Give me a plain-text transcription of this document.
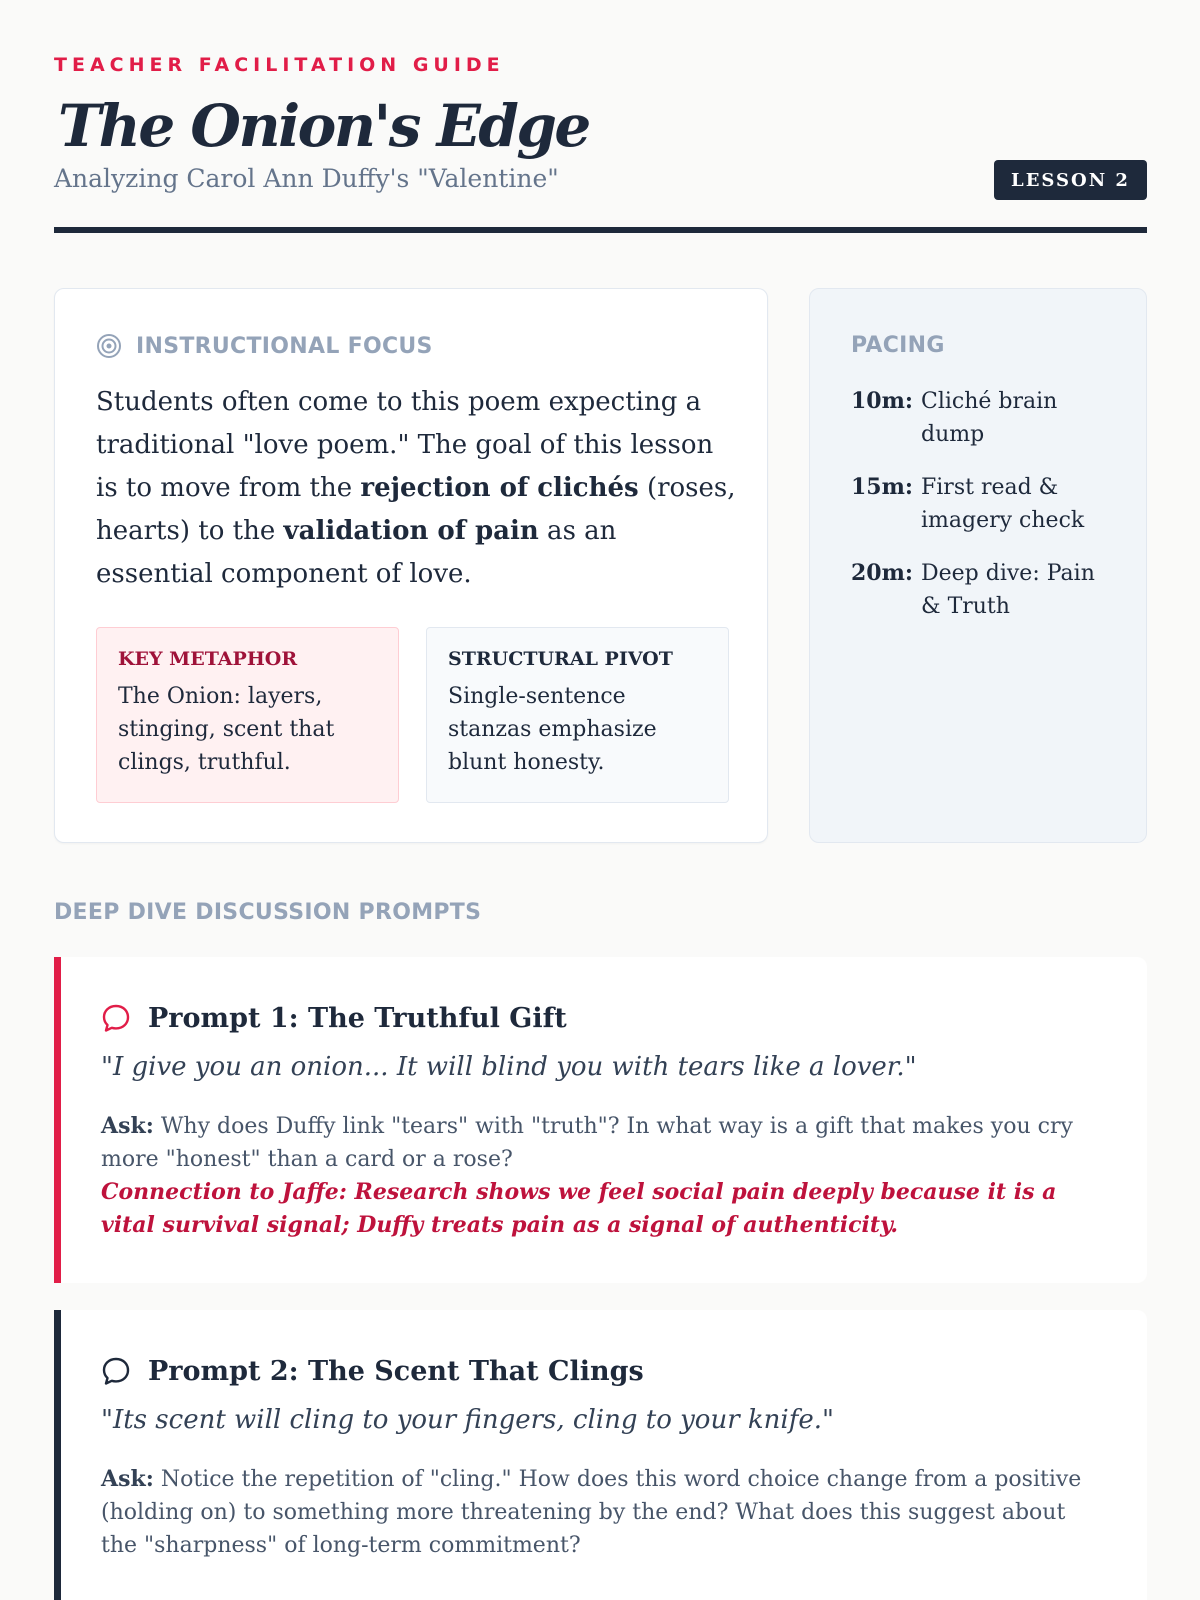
TEACHER FACILITATION GUIDE
The Onion's Edge
Analyzing Carol Ann Duffy's "Valentine"	LESSON 2
INSTRUCTIONAL FOCUS

Students often come to this poem expecting a traditional "love poem." The goal of this lesson is to move from the rejection of clichés (roses, hearts) to the validation of pain as an essential component of love.

KEY METAPHOR
The Onion: layers, stinging, scent that clings, truthful.
STRUCTURAL PIVOT
Single-sentence stanzas emphasize blunt honesty.
PACING
10m: Cliché brain dump
15m: First read & imagery check
20m: Deep dive: Pain & Truth
DEEP DIVE DISCUSSION PROMPTS
Prompt 1: The Truthful Gift

"I give you an onion... It will blind you with tears like a lover."

Ask: Why does Duffy link "tears" with "truth"? In what way is a gift that makes you cry more "honest" than a card or a rose?
Connection to Jaffe: Research shows we feel social pain deeply because it is a vital survival signal; Duffy treats pain as a signal of authenticity.

Prompt 2: The Scent That Clings

"Its scent will cling to your fingers, cling to your knife."

Ask: Notice the repetition of "cling." How does this word choice change from a positive (holding on) to something more threatening by the end? What does this suggest about the "sharpness" of long-term commitment?
